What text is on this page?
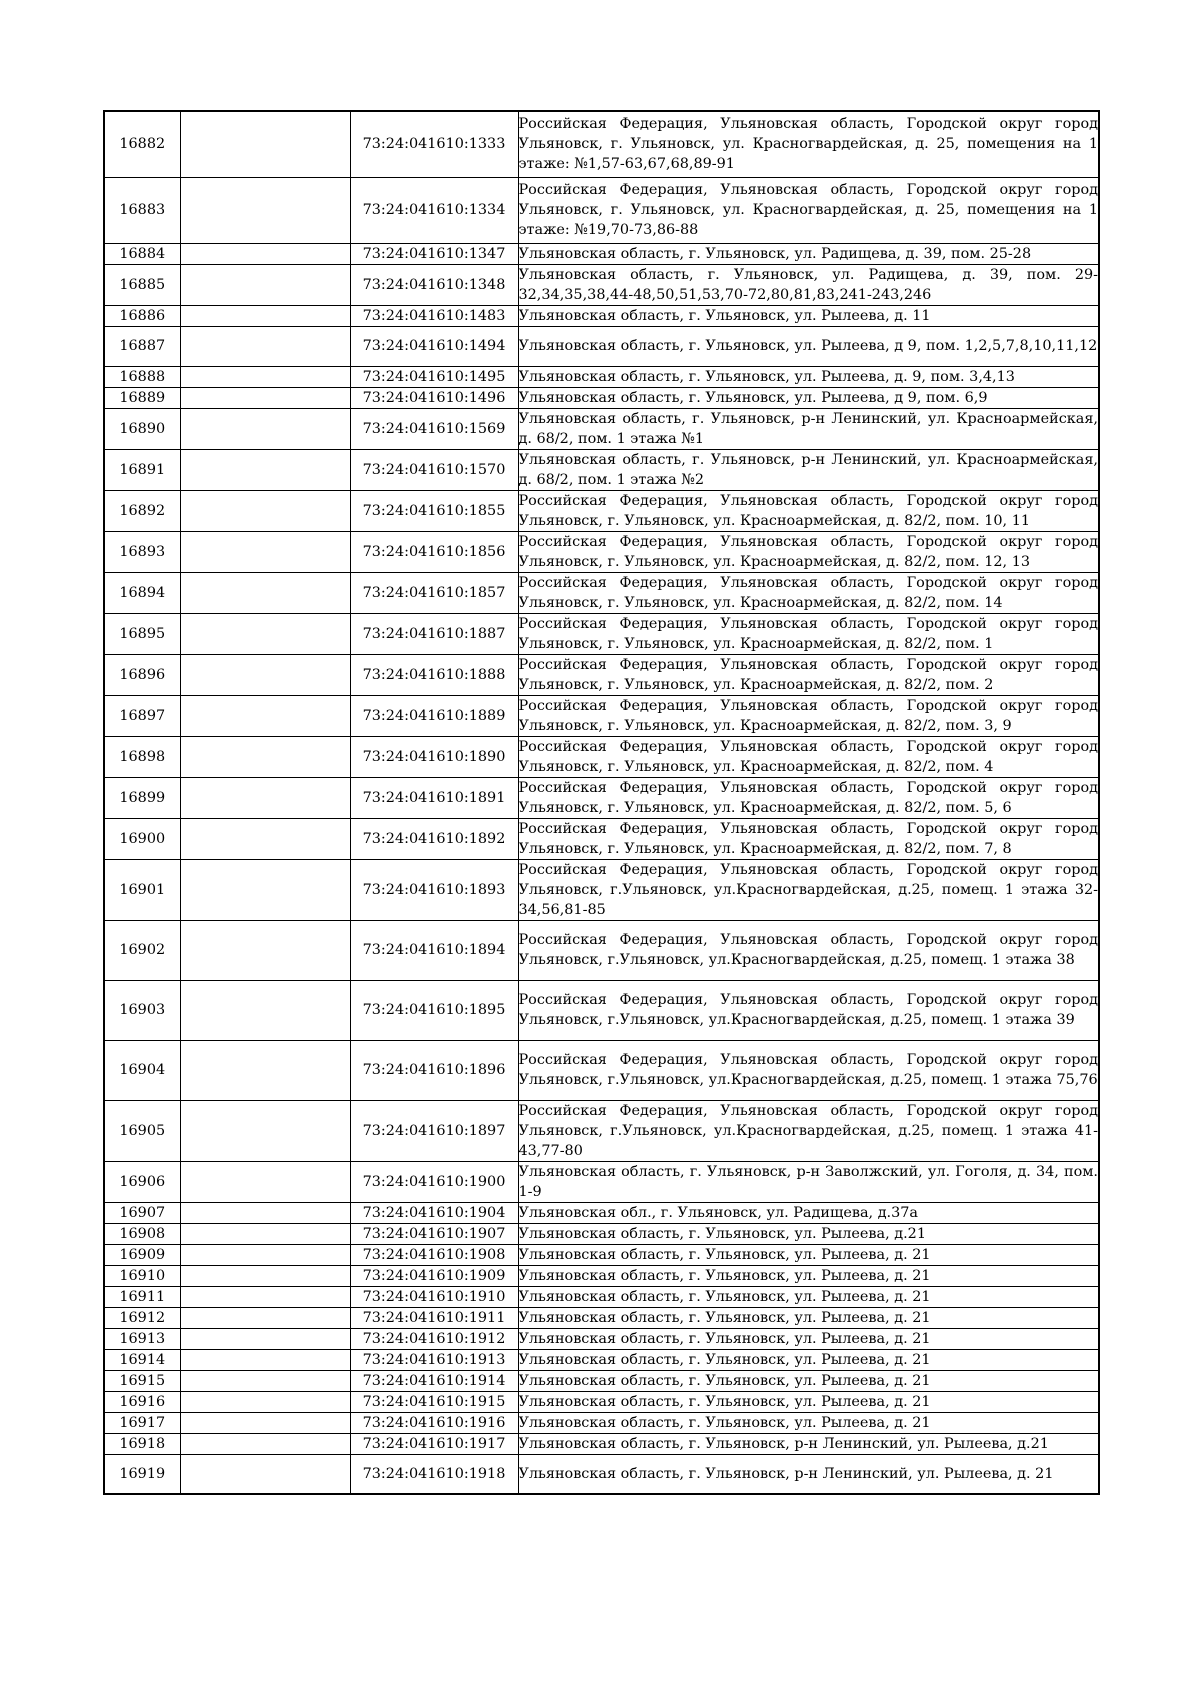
16882		73:24:041610:1333	Российская Федерация, Ульяновская область, Городской округ город Ульяновск, г. Ульяновск, ул. Красногвардейская, д. 25, помещения на 1 этаже: №1,57-63,67,68,89-91
16883		73:24:041610:1334	Российская Федерация, Ульяновская область, Городской округ город Ульяновск, г. Ульяновск, ул. Красногвардейская, д. 25, помещения на 1 этаже: №19,70-73,86-88
16884		73:24:041610:1347	Ульяновская область, г. Ульяновск, ул. Радищева, д. 39, пом. 25-28
16885		73:24:041610:1348	Ульяновская область, г. Ульяновск, ул. Радищева, д. 39, пом. 29-32,34,35,38,44-48,50,51,53,70-72,80,81,83,241-243,246
16886		73:24:041610:1483	Ульяновская область, г. Ульяновск, ул. Рылеева, д. 11
16887		73:24:041610:1494	Ульяновская область, г. Ульяновск, ул. Рылеева, д 9, пом. 1,2,5,7,8,10,11,12
16888		73:24:041610:1495	Ульяновская область, г. Ульяновск, ул. Рылеева, д. 9, пом. 3,4,13
16889		73:24:041610:1496	Ульяновская область, г. Ульяновск, ул. Рылеева, д 9, пом. 6,9
16890		73:24:041610:1569	Ульяновская область, г. Ульяновск, р-н Ленинский, ул. Красноармейская, д. 68/2, пом. 1 этажа №1
16891		73:24:041610:1570	Ульяновская область, г. Ульяновск, р-н Ленинский, ул. Красноармейская, д. 68/2, пом. 1 этажа №2
16892		73:24:041610:1855	Российская Федерация, Ульяновская область, Городской округ город Ульяновск, г. Ульяновск, ул. Красноармейская, д. 82/2, пом. 10, 11
16893		73:24:041610:1856	Российская Федерация, Ульяновская область, Городской округ город Ульяновск, г. Ульяновск, ул. Красноармейская, д. 82/2, пом. 12, 13
16894		73:24:041610:1857	Российская Федерация, Ульяновская область, Городской округ город Ульяновск, г. Ульяновск, ул. Красноармейская, д. 82/2, пом. 14
16895		73:24:041610:1887	Российская Федерация, Ульяновская область, Городской округ город Ульяновск, г. Ульяновск, ул. Красноармейская, д. 82/2, пом. 1
16896		73:24:041610:1888	Российская Федерация, Ульяновская область, Городской округ город Ульяновск, г. Ульяновск, ул. Красноармейская, д. 82/2, пом. 2
16897		73:24:041610:1889	Российская Федерация, Ульяновская область, Городской округ город Ульяновск, г. Ульяновск, ул. Красноармейская, д. 82/2, пом. 3, 9
16898		73:24:041610:1890	Российская Федерация, Ульяновская область, Городской округ город Ульяновск, г. Ульяновск, ул. Красноармейская, д. 82/2, пом. 4
16899		73:24:041610:1891	Российская Федерация, Ульяновская область, Городской округ город Ульяновск, г. Ульяновск, ул. Красноармейская, д. 82/2, пом. 5, 6
16900		73:24:041610:1892	Российская Федерация, Ульяновская область, Городской округ город Ульяновск, г. Ульяновск, ул. Красноармейская, д. 82/2, пом. 7, 8
16901		73:24:041610:1893	Российская Федерация, Ульяновская область, Городской округ город Ульяновск, г.Ульяновск, ул.Красногвардейская, д.25, помещ. 1 этажа 32-34,56,81-85
16902		73:24:041610:1894	Российская Федерация, Ульяновская область, Городской округ город Ульяновск, г.Ульяновск, ул.Красногвардейская, д.25, помещ. 1 этажа 38
16903		73:24:041610:1895	Российская Федерация, Ульяновская область, Городской округ город Ульяновск, г.Ульяновск, ул.Красногвардейская, д.25, помещ. 1 этажа 39
16904		73:24:041610:1896	Российская Федерация, Ульяновская область, Городской округ город Ульяновск, г.Ульяновск, ул.Красногвардейская, д.25, помещ. 1 этажа 75,76
16905		73:24:041610:1897	Российская Федерация, Ульяновская область, Городской округ город Ульяновск, г.Ульяновск, ул.Красногвардейская, д.25, помещ. 1 этажа 41-43,77-80
16906		73:24:041610:1900	Ульяновская область, г. Ульяновск, р-н Заволжский, ул. Гоголя, д. 34, пом. 1-9
16907		73:24:041610:1904	Ульяновская обл., г. Ульяновск, ул. Радищева, д.37а
16908		73:24:041610:1907	Ульяновская область, г. Ульяновск, ул. Рылеева, д.21
16909		73:24:041610:1908	Ульяновская область, г. Ульяновск, ул. Рылеева, д. 21
16910		73:24:041610:1909	Ульяновская область, г. Ульяновск, ул. Рылеева, д. 21
16911		73:24:041610:1910	Ульяновская область, г. Ульяновск, ул. Рылеева, д. 21
16912		73:24:041610:1911	Ульяновская область, г. Ульяновск, ул. Рылеева, д. 21
16913		73:24:041610:1912	Ульяновская область, г. Ульяновск, ул. Рылеева, д. 21
16914		73:24:041610:1913	Ульяновская область, г. Ульяновск, ул. Рылеева, д. 21
16915		73:24:041610:1914	Ульяновская область, г. Ульяновск, ул. Рылеева, д. 21
16916		73:24:041610:1915	Ульяновская область, г. Ульяновск, ул. Рылеева, д. 21
16917		73:24:041610:1916	Ульяновская область, г. Ульяновск, ул. Рылеева, д. 21
16918		73:24:041610:1917	Ульяновская область, г. Ульяновск, р-н Ленинский, ул. Рылеева, д.21
16919		73:24:041610:1918	Ульяновская область, г. Ульяновск, р-н Ленинский, ул. Рылеева, д. 21
